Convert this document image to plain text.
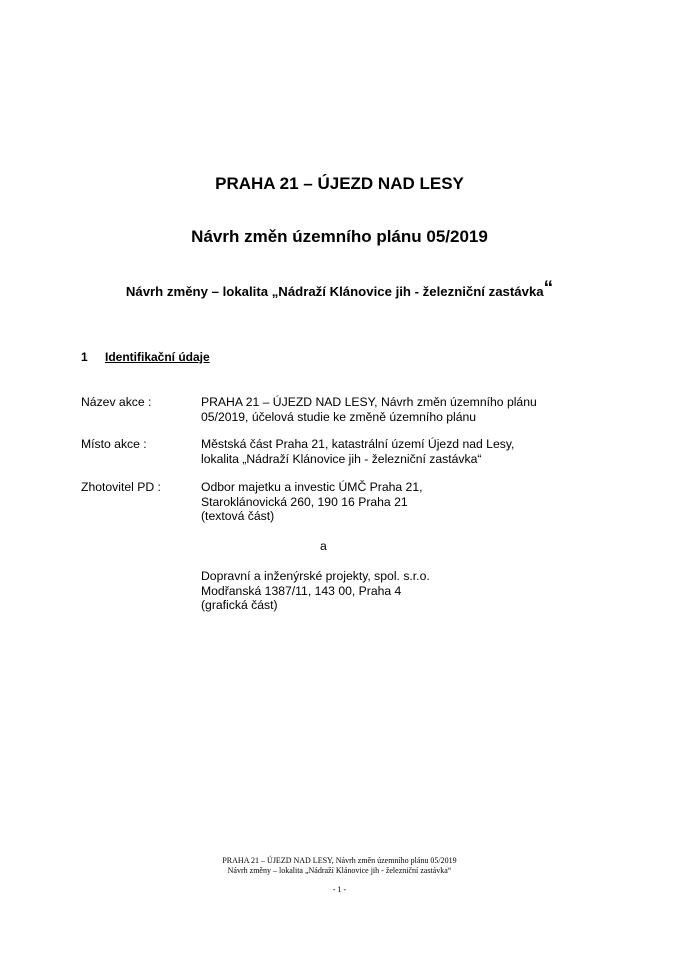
PRAHA 21 – ÚJEZD NAD LESY
Návrh změn územního plánu 05/2019
Návrh změny – lokalita „Nádraží Klánovice jih - železniční zastávka“
1 Identifikační údaje
Název akce :	PRAHA 21 – ÚJEZD NAD LESY, Návrh změn územního plánu
05/2019, účelová studie ke změně územního plánu
Místo akce :	Městská část Praha 21, katastrální území Újezd nad Lesy,
lokalita „Nádraží Klánovice jih - železniční zastávka“
Zhotovitel PD :	Odbor majetku a investic ÚMČ Praha 21,
Staroklánovická 260, 190 16 Praha 21
(textová část)
a
Dopravní a inženýrské projekty, spol. s.r.o.
Modřanská 1387/11, 143 00, Praha 4
(grafická část)
PRAHA 21 – ÚJEZD NAD LESY, Návrh změn územního plánu 05/2019
Návrh změny – lokalita „Nádraží Klánovice jih - železniční zastávka“
- 1 -
